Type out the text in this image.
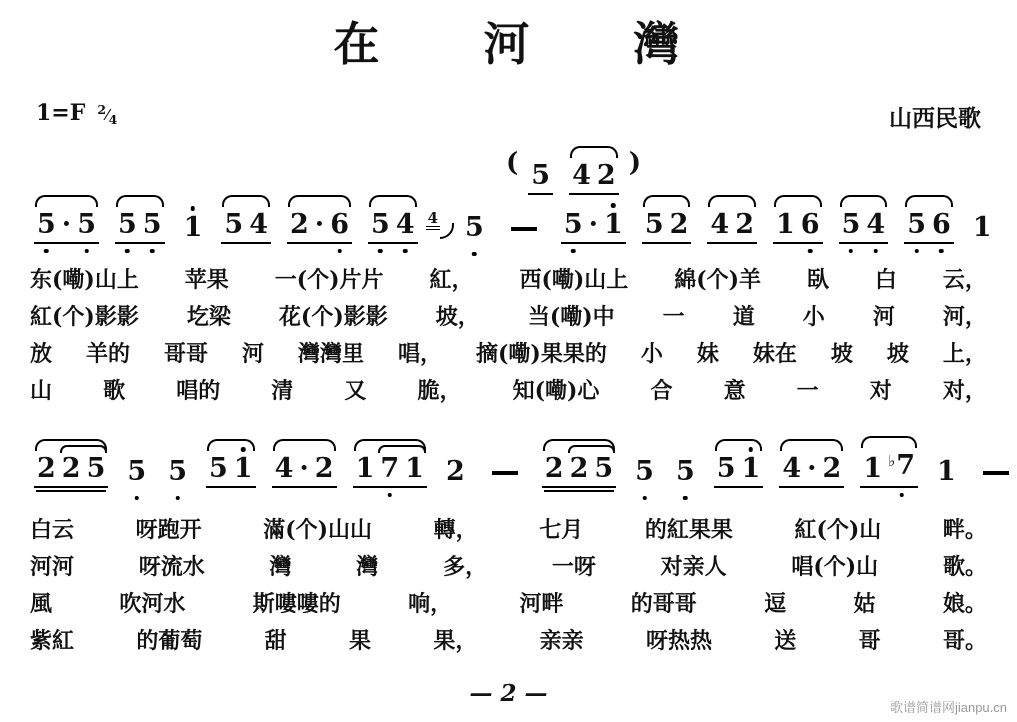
在　　河　　灣
1=F $^2⁄_4$	山西民歌
( 5 4 2 )
5 · 5 5 5 1 5 4 2 · 6 5 4 4 5	5 · 1 5 2 4 2 1 6 5 4 5 6 1
东(嘞)山上 苹果 一(个)片片 紅， 西(嘞)山上 綿(个)羊 臥 白 云，
紅(个)影影 圪梁 花(个)影影 坡， 当(嘞)中 一 道 小 河 河，
放 羊的 哥哥 河 灣灣里 唱， 摘(嘞)果果的 小 妹 妹在 坡 坡 上，
山 歌 唱的 清 又 脆， 知(嘞)心 合 意 一 对 对，
2 2 5 5 5 5 1 4 · 2 1 7 1 2	2 2 5 5 5 5 1 4 · 2 1 ♭7 1
白云	呀跑开	滿(个)山山	轉，	七月	的紅果果	紅(个)山	畔。
河河	呀流水	灣	灣	多，	一呀	对亲人	唱(个)山	歌。
風	吹河水	斯嘍嘍的	响，	河畔	的哥哥	逗	姑	娘。
紫紅	的葡萄	甜	果	果，	亲亲	呀热热	送	哥	哥。
— 2 —
歌谱简谱网jianpu.cn
